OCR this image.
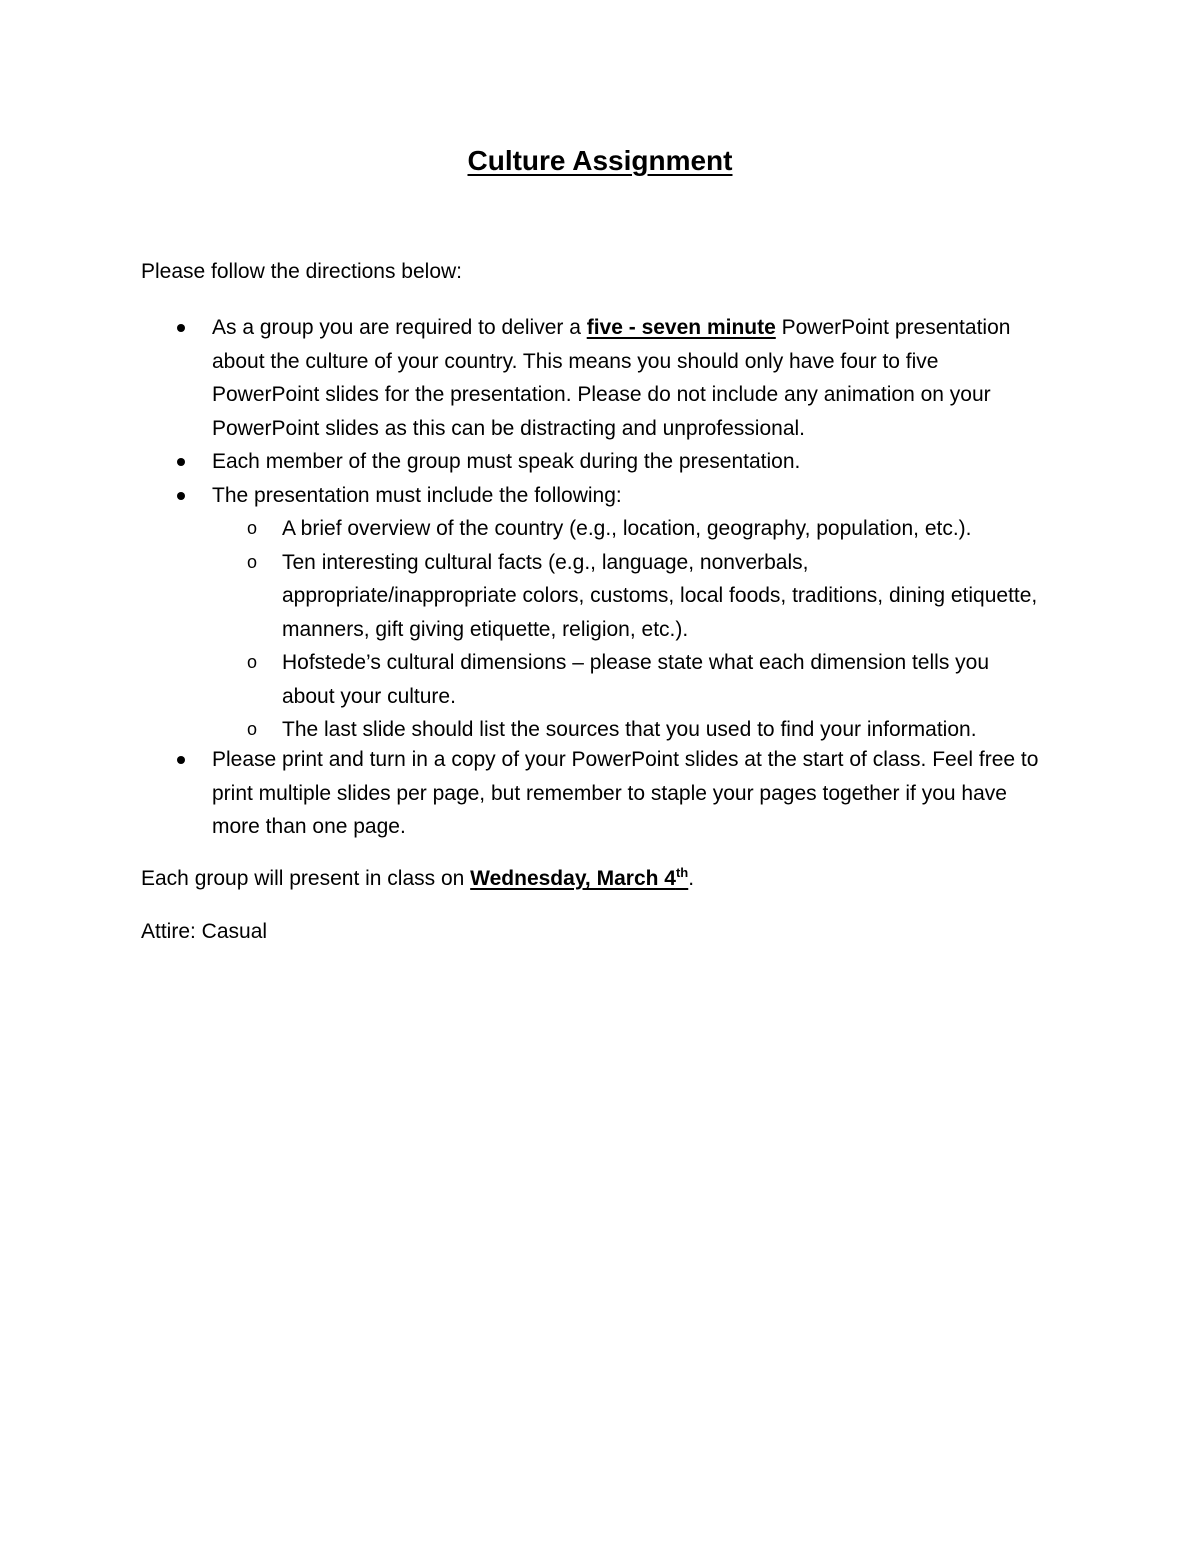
Culture Assignment
Please follow the directions below:
As a group you are required to deliver a five - seven minute PowerPoint presentation about the culture of your country. This means you should only have four to five PowerPoint slides for the presentation. Please do not include any animation on your PowerPoint slides as this can be distracting and unprofessional.
Each member of the group must speak during the presentation.
The presentation must include the following:
o A brief overview of the country (e.g., location, geography, population, etc.).
o Ten interesting cultural facts (e.g., language, nonverbals, appropriate/inappropriate colors, customs, local foods, traditions, dining etiquette, manners, gift giving etiquette, religion, etc.).
o Hofstede’s cultural dimensions – please state what each dimension tells you about your culture.
o The last slide should list the sources that you used to find your information.
Please print and turn in a copy of your PowerPoint slides at the start of class. Feel free to print multiple slides per page, but remember to staple your pages together if you have more than one page.
Each group will present in class on Wednesday, March 4th.
Attire: Casual
